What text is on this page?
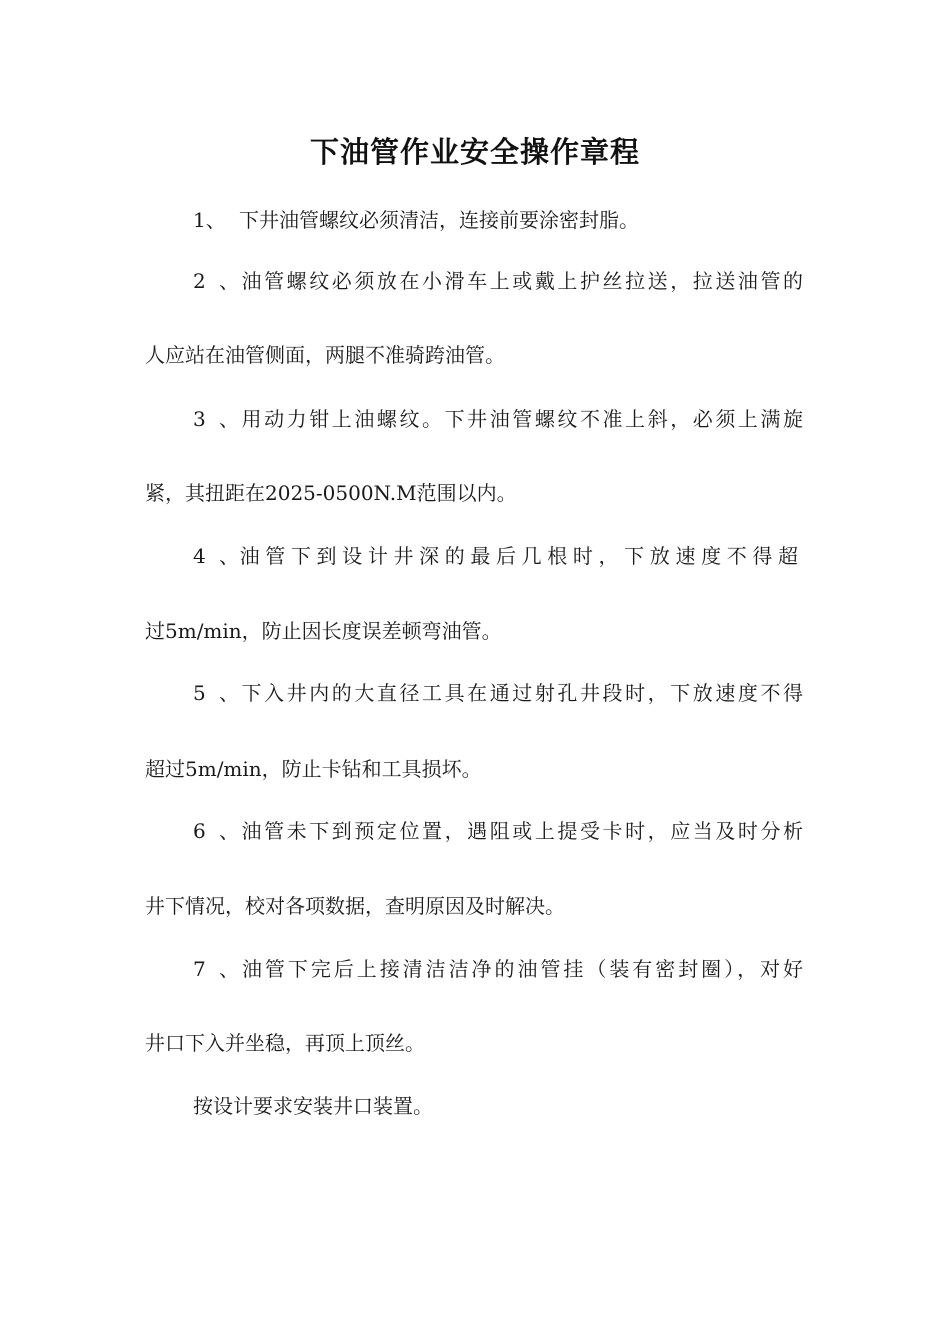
下油管作业安全操作章程
1、 下井油管螺纹必须清洁，连接前要涂密封脂。
2、油管螺纹必须放在小滑车上或戴上护丝拉送，拉送油管的
人应站在油管侧面，两腿不准骑跨油管。
3、用动力钳上油螺纹。下井油管螺纹不准上斜，必须上满旋
紧，其扭距在2025-0500N.M范围以内。
4、油管下到设计井深的最后几根时，下放速度不得超
过5m/min，防止因长度误差顿弯油管。
5、下入井内的大直径工具在通过射孔井段时，下放速度不得
超过5m/min，防止卡钻和工具损坏。
6、油管未下到预定位置，遇阻或上提受卡时，应当及时分析
井下情况，校对各项数据，查明原因及时解决。
7、油管下完后上接清洁洁净的油管挂（装有密封圈），对好
井口下入并坐稳，再顶上顶丝。
按设计要求安装井口装置。
